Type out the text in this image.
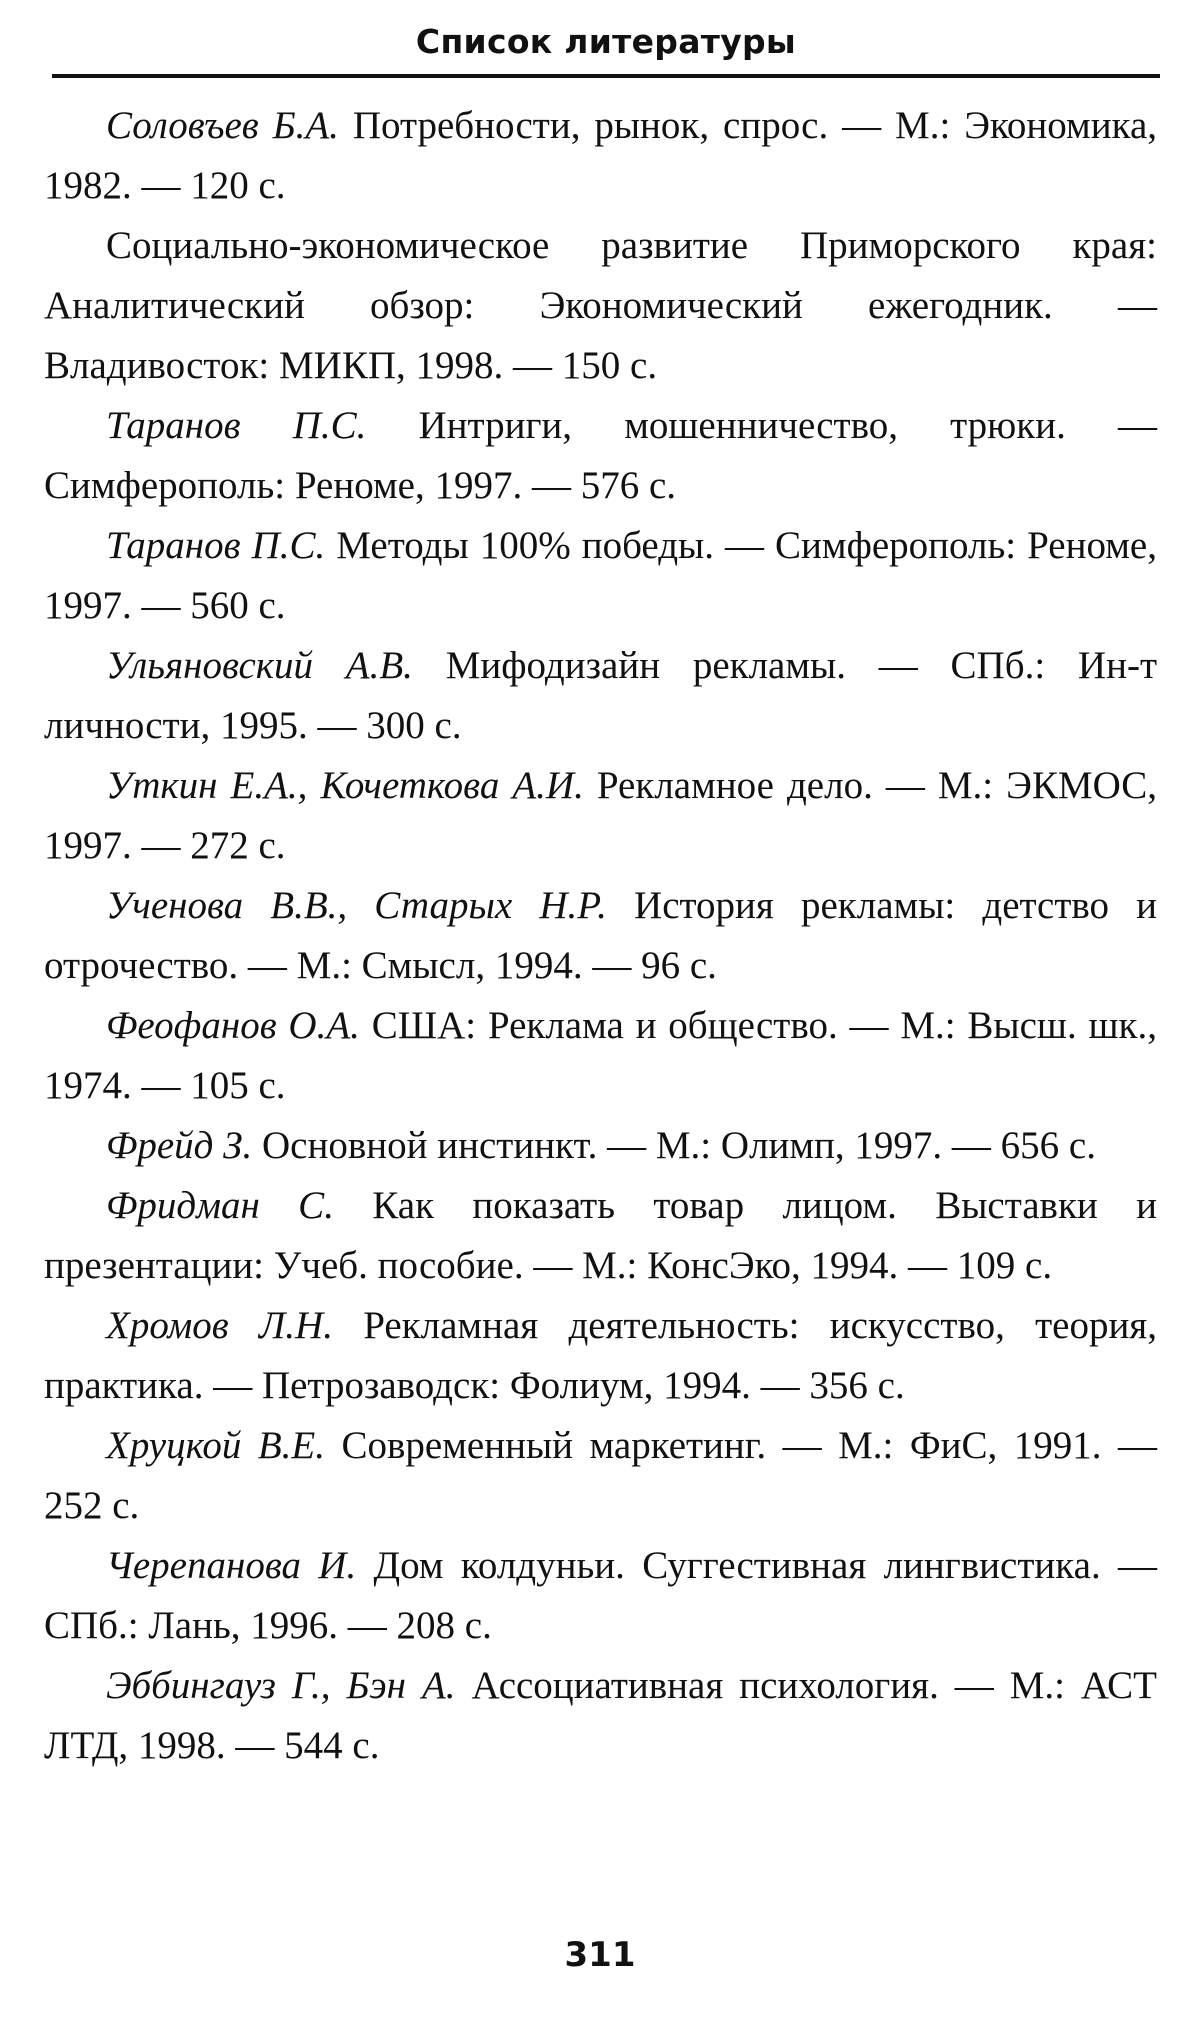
Список литературы

Соловъев Б.А. Потребности, рынок, спрос. — М.: Экономика, 1982. — 120 с.

Социально-экономическое развитие Приморского края: Аналитический обзор: Экономический ежегодник. — Владивосток: МИКП, 1998. — 150 с.

Таранов П.С. Интриги, мошенничество, трюки. — Симферополь: Реноме, 1997. — 576 с.

Таранов П.С. Методы 100% победы. — Симферополь: Реноме, 1997. — 560 с.

Ульяновский А.В. Мифодизайн рекламы. — СПб.: Ин-т личности, 1995. — 300 с.

Уткин Е.А., Кочеткова А.И. Рекламное дело. — М.: ЭКМОС, 1997. — 272 с.

Ученова В.В., Старых Н.Р. История рекламы: детство и отрочество. — М.: Смысл, 1994. — 96 с.

Феофанов О.А. США: Реклама и общество. — М.: Высш. шк., 1974. — 105 с.

Фрейд З. Основной инстинкт. — М.: Олимп, 1997. — 656 с.

Фридман С. Как показать товар лицом. Выставки и презентации: Учеб. пособие. — М.: КонсЭко, 1994. — 109 с.

Хромов Л.Н. Рекламная деятельность: искусство, теория, практика. — Петрозаводск: Фолиум, 1994. — 356 с.

Хруцкой В.Е. Современный маркетинг. — М.: ФиС, 1991. — 252 с.

Черепанова И. Дом колдуньи. Суггестивная лингвистика. — СПб.: Лань, 1996. — 208 с.

Эббингауз Г., Бэн А. Ассоциативная психология. — М.: АСТ ЛТД, 1998. — 544 с.

311
